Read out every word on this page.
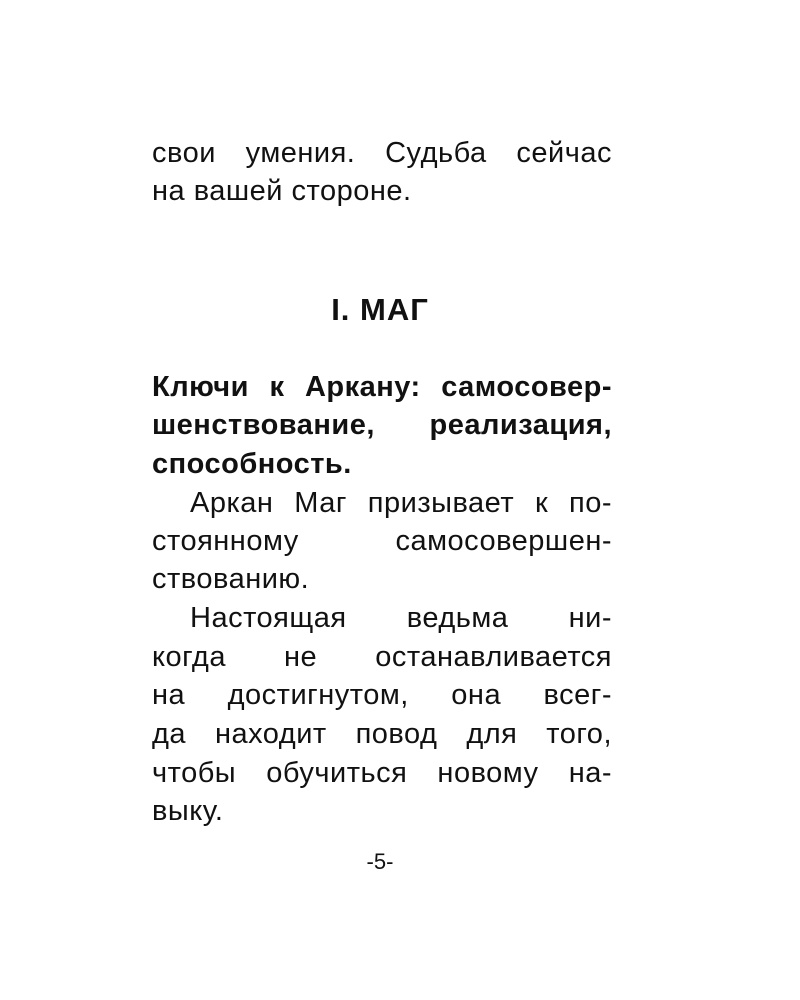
свои умения. Судьба сейчас
на вашей стороне.
I. МАГ
Ключи к Аркану: самосовер-
шенствование, реализация,
способность.
Аркан Маг призывает к по-
стоянному самосовершен-
ствованию.
Настоящая ведьма ни-
когда не останавливается
на достигнутом, она всег-
да находит повод для того,
чтобы обучиться новому на-
выку.
-5-
